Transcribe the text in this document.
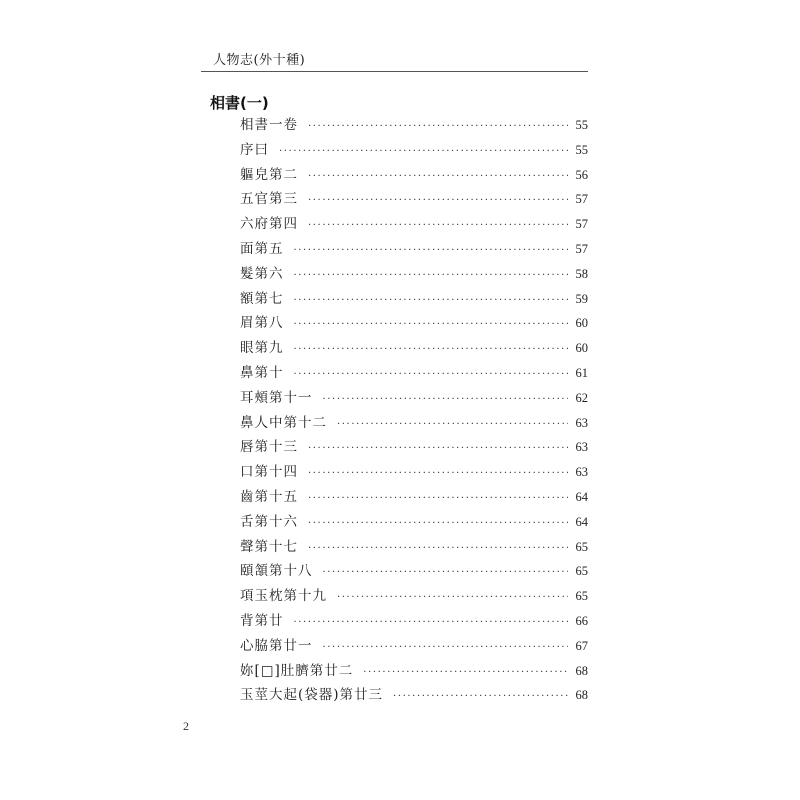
人物志(外十種)
相書(一)
相書一卷 ·····	55
序曰 ·····	55
軀皃第二 ·····	56
五官第三 ·····	57
六府第四 ·····	57
面第五 ·····	57
髮第六 ·····	58
額第七 ·····	59
眉第八 ·····	60
眼第九 ·····	60
鼻第十 ·····	61
耳頰第十一 ·····	62
鼻人中第十二 ·····	63
唇第十三 ·····	63
口第十四 ·····	63
齒第十五 ·····	64
舌第十六 ·····	64
聲第十七 ·····	65
頤頷第十八 ·····	65
項玉枕第十九 ·····	65
背第廿 ·····	66
心脇第廿一 ·····	67
妳[□]肚臍第廿二 ·····	68
玉莖大起(袋器)第廿三 ·····	68
2
